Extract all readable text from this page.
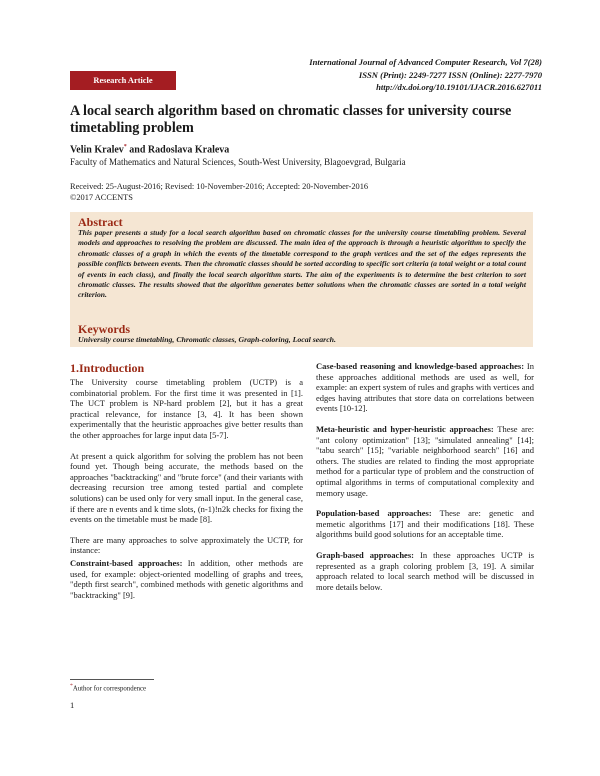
International Journal of Advanced Computer Research, Vol 7(28)
ISSN (Print): 2249-7277 ISSN (Online): 2277-7970
http://dx.doi.org/10.19101/IJACR.2016.627011
Research Article
A local search algorithm based on chromatic classes for university course timetabling problem
Velin Kralev* and Radoslava Kraleva
Faculty of Mathematics and Natural Sciences, South-West University, Blagoevgrad, Bulgaria
Received: 25-August-2016; Revised: 10-November-2016; Accepted: 20-November-2016
©2017 ACCENTS
Abstract
This paper presents a study for a local search algorithm based on chromatic classes for the university course timetabling problem. Several models and approaches to resolving the problem are discussed. The main idea of the approach is through a heuristic algorithm to specify the chromatic classes of a graph in which the events of the timetable correspond to the graph vertices and the set of the edges represents the possible conflicts between events. Then the chromatic classes should be sorted according to specific sort criteria (a total weight or a total count of events in each class), and finally the local search algorithm starts. The aim of the experiments is to determine the best criterion to sort chromatic classes. The results showed that the algorithm generates better solutions when the chromatic classes are sorted in a total weight criterion.
Keywords
University course timetabling, Chromatic classes, Graph-coloring, Local search.
1.Introduction

The University course timetabling problem (UCTP) is a combinatorial problem. For the first time it was presented in [1]. The UCT problem is NP-hard problem [2], but it has a great practical relevance, for instance [3, 4]. It has been shown experimentally that the heuristic approaches give better results than the other approaches for large input data [5-7].

At present a quick algorithm for solving the problem has not been found yet. Though being accurate, the methods based on the approaches "backtracking" and "brute force" (and their variants with decreasing recursion tree among tested partial and complete solutions) can be used only for very small input. In the general case, if there are n events and k time slots, (n-1)!n2k checks for fixing the events on the timetable must be made [8].

There are many approaches to solve approximately the UCTP, for instance:

Constraint-based approaches: In addition, other methods are used, for example: object-oriented modelling of graphs and trees, "depth first search", combined methods with genetic algorithms and "backtracking" [9].

Case-based reasoning and knowledge-based approaches: In these approaches additional methods are used as well, for example: an expert system of rules and graphs with vertices and edges having attributes that store data on correlations between events [10-12].

Meta-heuristic and hyper-heuristic approaches: These are: "ant colony optimization" [13]; "simulated annealing" [14]; "tabu search" [15]; "variable neighborhood search" [16] and others. The studies are related to finding the most appropriate method for a particular type of problem and the construction of optimal algorithms in terms of computational complexity and memory usage.

Population-based approaches: These are: genetic and memetic algorithms [17] and their modifications [18]. These algorithms build good solutions for an acceptable time.

Graph-based approaches: In these approaches UCTP is represented as a graph coloring problem [3, 19]. A similar approach related to local search method will be discussed in more details below.

*Author for correspondence
1
